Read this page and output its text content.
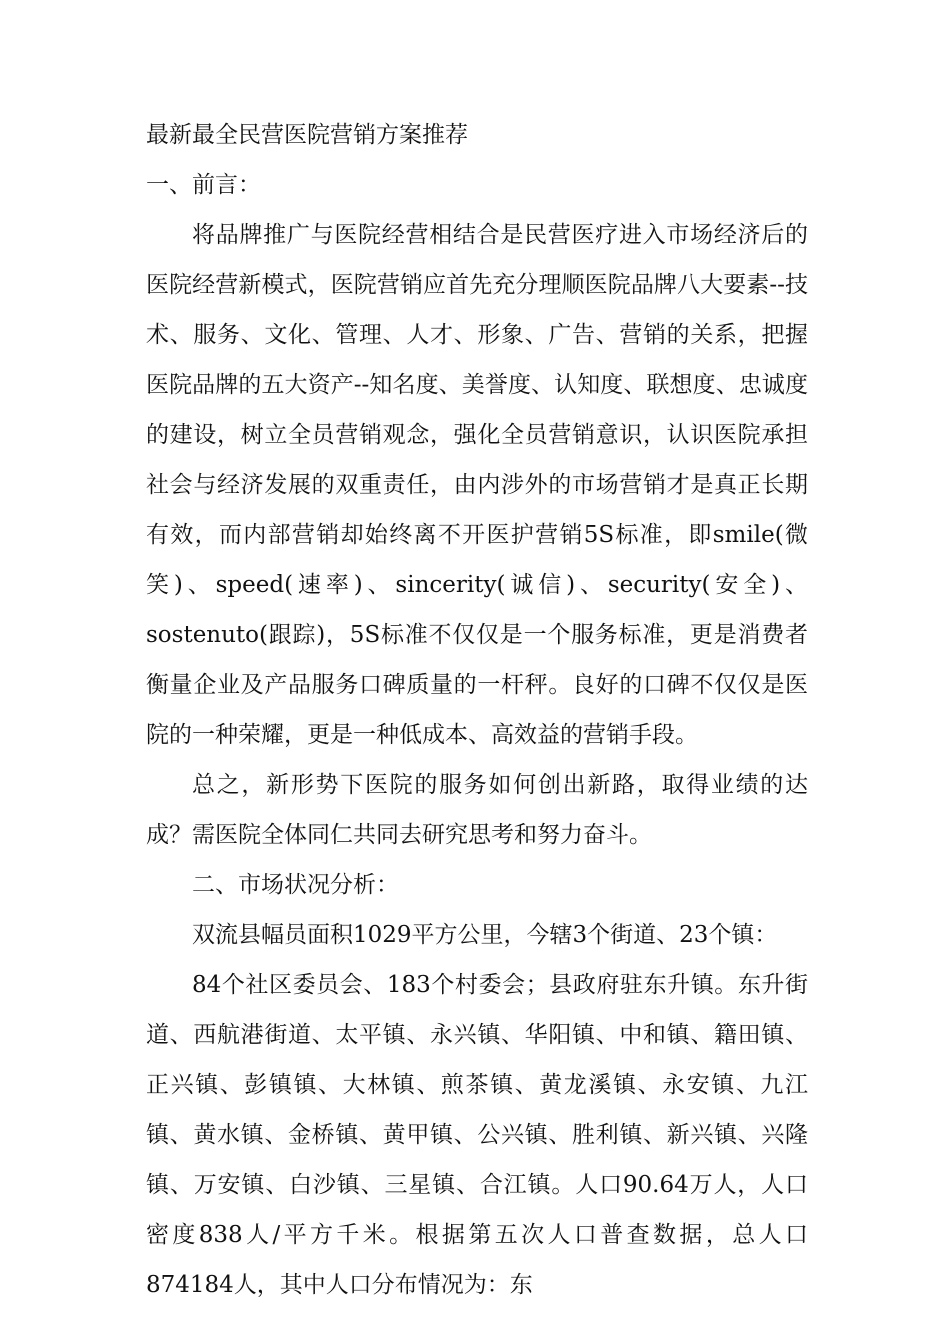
最新最全民营医院营销方案推荐

一、前言：

将品牌推广与医院经营相结合是民营医疗进入市场经济后的医院经营新模式，医院营销应首先充分理顺医院品牌八大要素--技术、服务、文化、管理、人才、形象、广告、营销的关系，把握医院品牌的五大资产--知名度、美誉度、认知度、联想度、忠诚度的建设，树立全员营销观念，强化全员营销意识，认识医院承担社会与经济发展的双重责任，由内涉外的市场营销才是真正长期有效，而内部营销却始终离不开医护营销5S标准，即smile(微笑)、speed(速率)、sincerity(诚信)、security(安全)、sostenuto(跟踪)，5S标准不仅仅是一个服务标准，更是消费者衡量企业及产品服务口碑质量的一杆秤。良好的口碑不仅仅是医院的一种荣耀，更是一种低成本、高效益的营销手段。

总之，新形势下医院的服务如何创出新路，取得业绩的达成？需医院全体同仁共同去研究思考和努力奋斗。

二、市场状况分析：

双流县幅员面积1029平方公里，今辖3个街道、23个镇：

84个社区委员会、183个村委会；县政府驻东升镇。东升街道、西航港街道、太平镇、永兴镇、华阳镇、中和镇、籍田镇、正兴镇、彭镇镇、大林镇、煎茶镇、黄龙溪镇、永安镇、九江镇、黄水镇、金桥镇、黄甲镇、公兴镇、胜利镇、新兴镇、兴隆镇、万安镇、白沙镇、三星镇、合江镇。人口90.64万人，人口密度838人/平方千米。根据第五次人口普查数据，总人口874184人，其中人口分布情况为：东
